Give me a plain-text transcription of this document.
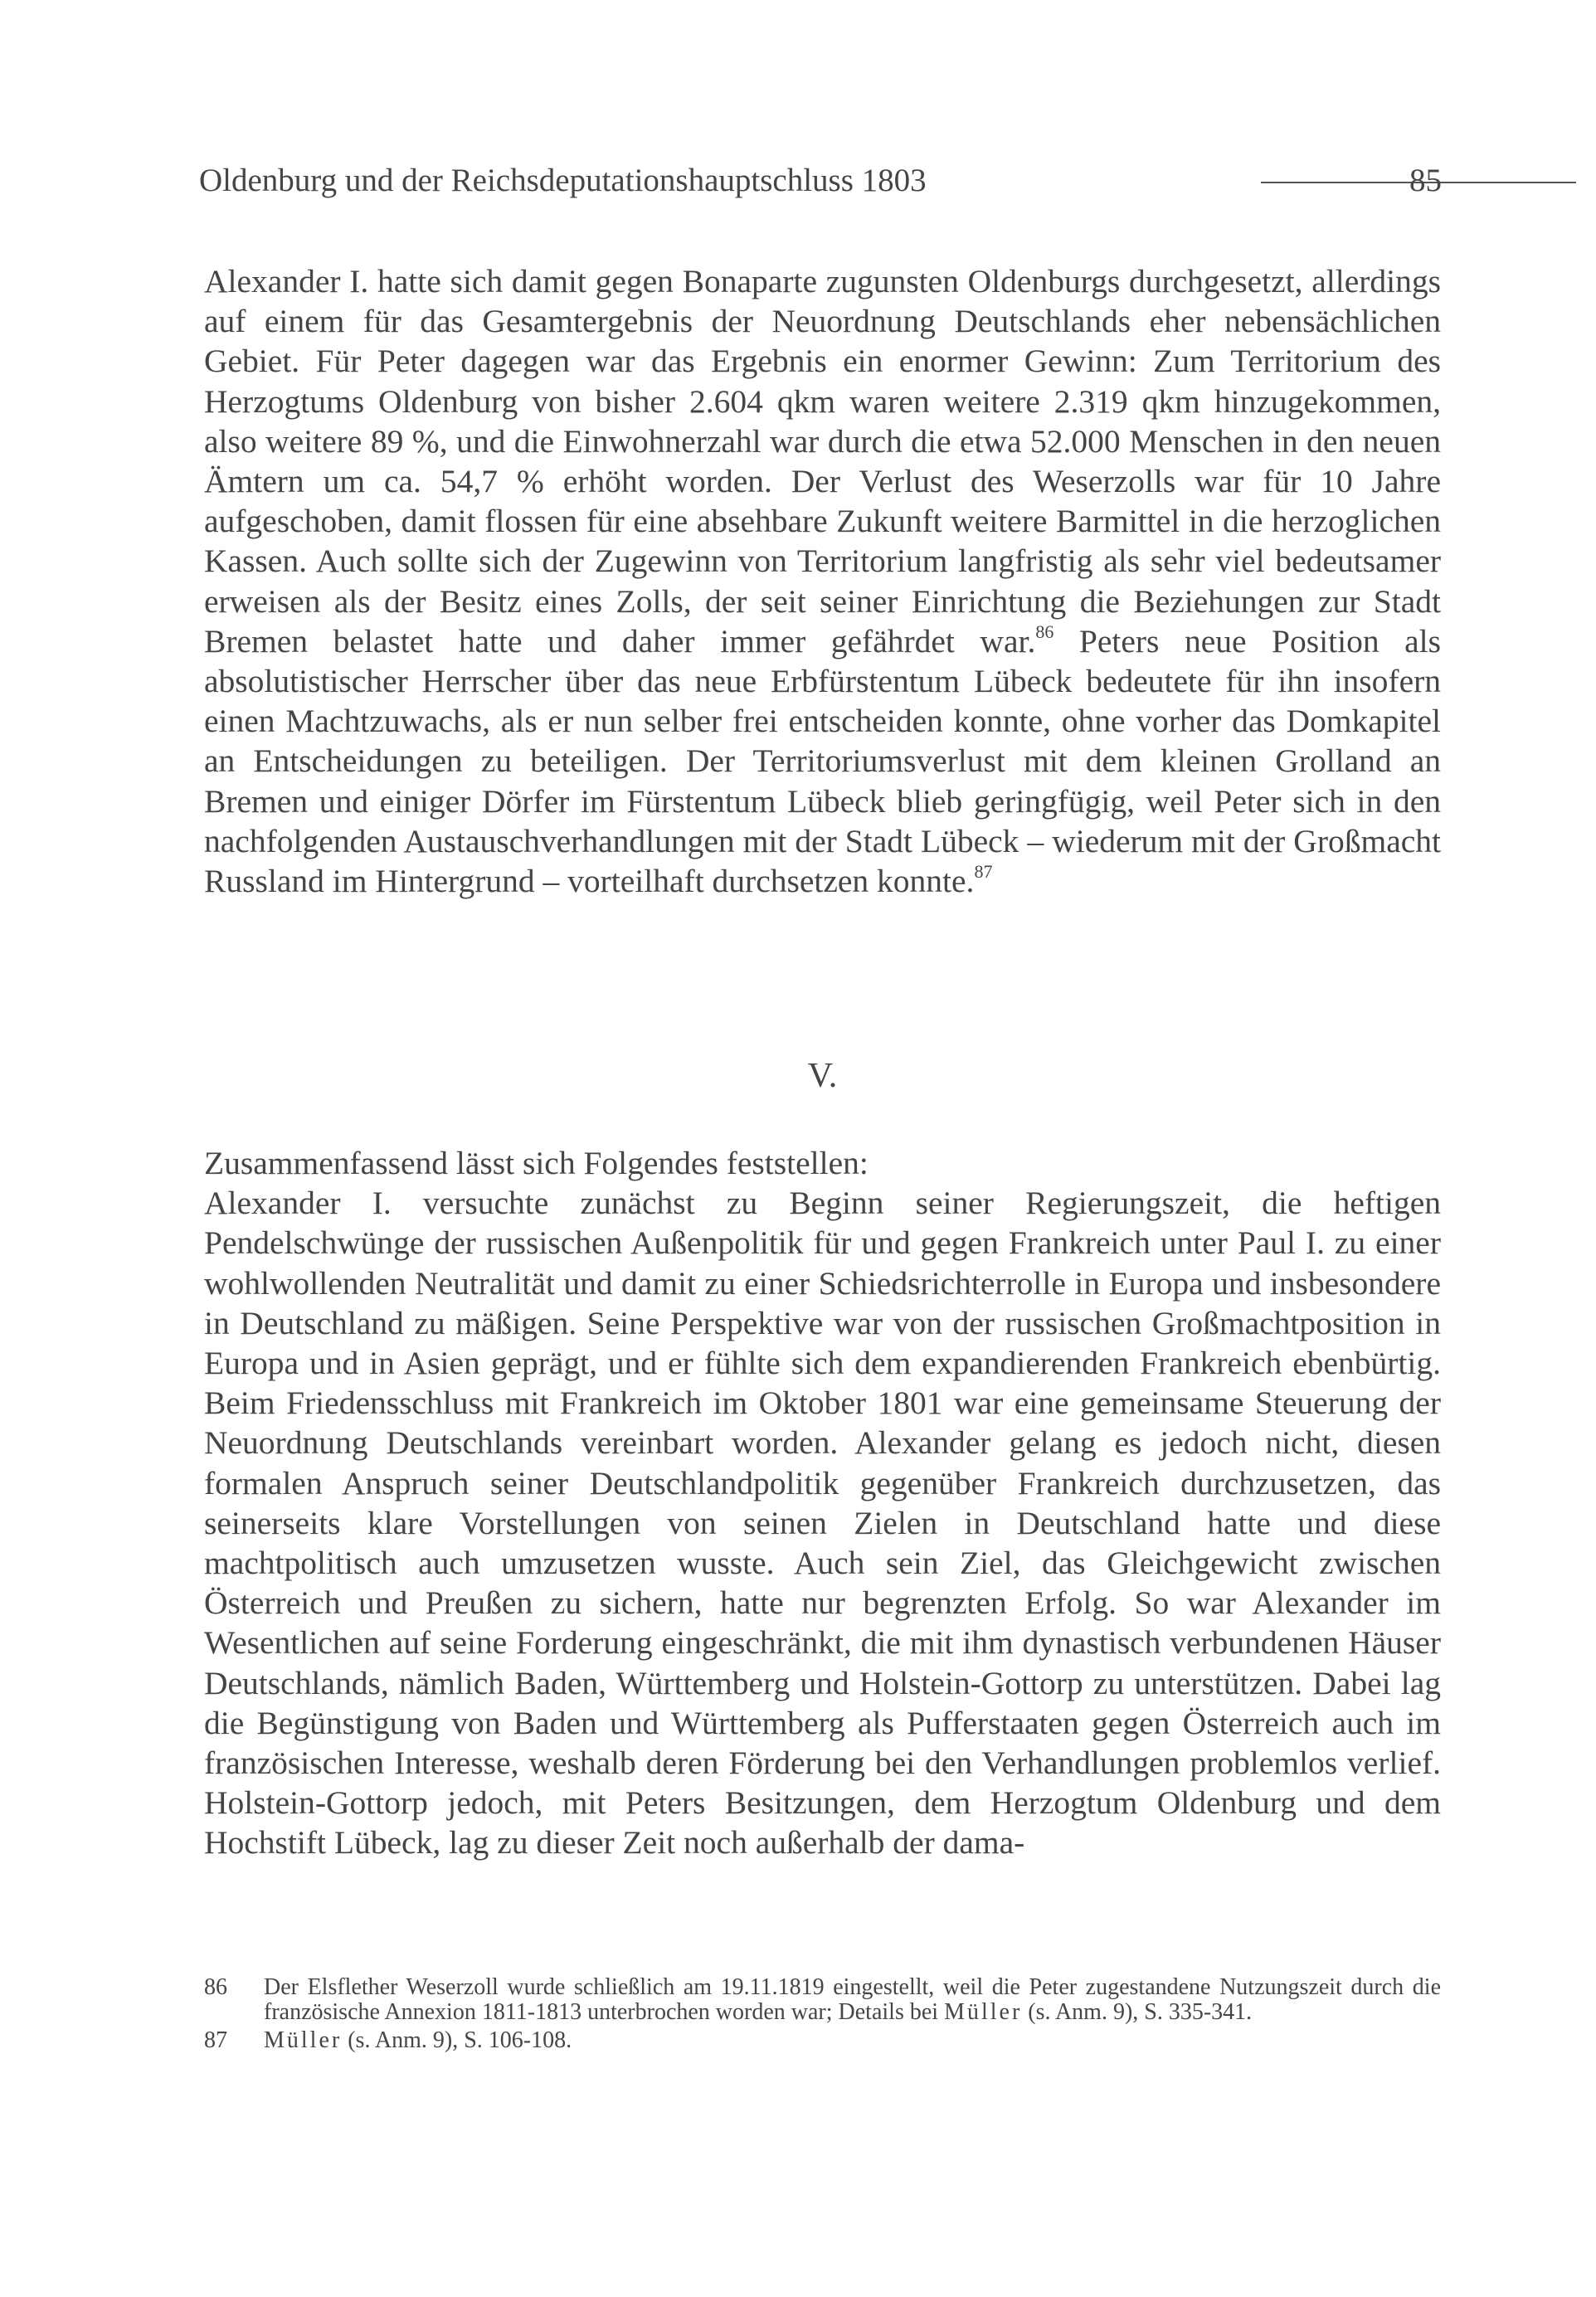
Oldenburg und der Reichsdeputationshauptschluss 1803	85

Alexander I. hatte sich damit gegen Bonaparte zugunsten Oldenburgs durchgesetzt, allerdings auf einem für das Gesamtergebnis der Neuordnung Deutschlands eher nebensächlichen Gebiet. Für Peter dagegen war das Ergebnis ein enormer Gewinn: Zum Territorium des Herzogtums Oldenburg von bisher 2.604 qkm waren weitere 2.319 qkm hinzugekommen, also weitere 89 %, und die Einwohnerzahl war durch die etwa 52.000 Menschen in den neuen Ämtern um ca. 54,7 % erhöht worden. Der Verlust des Weserzolls war für 10 Jahre aufgeschoben, damit flossen für eine absehbare Zukunft weitere Barmittel in die herzoglichen Kassen. Auch sollte sich der Zugewinn von Territorium langfristig als sehr viel bedeutsamer erweisen als der Besitz eines Zolls, der seit seiner Einrichtung die Beziehungen zur Stadt Bremen belastet hatte und daher immer gefährdet war.$^{86}$ Peters neue Position als absolutistischer Herrscher über das neue Erbfürstentum Lübeck bedeutete für ihn insofern einen Machtzuwachs, als er nun selber frei entscheiden konnte, ohne vorher das Domkapitel an Entscheidungen zu beteiligen. Der Territoriumsverlust mit dem kleinen Grolland an Bremen und einiger Dörfer im Fürstentum Lübeck blieb geringfügig, weil Peter sich in den nachfolgenden Austauschverhandlungen mit der Stadt Lübeck – wiederum mit der Großmacht Russland im Hintergrund – vorteilhaft durchsetzen konnte.$^{87}$

V.

Zusammenfassend lässt sich Folgendes feststellen:

Alexander I. versuchte zunächst zu Beginn seiner Regierungszeit, die heftigen Pendelschwünge der russischen Außenpolitik für und gegen Frankreich unter Paul I. zu einer wohlwollenden Neutralität und damit zu einer Schiedsrichterrolle in Europa und insbesondere in Deutschland zu mäßigen. Seine Perspektive war von der russischen Großmachtposition in Europa und in Asien geprägt, und er fühlte sich dem expandierenden Frankreich ebenbürtig. Beim Friedensschluss mit Frankreich im Oktober 1801 war eine gemeinsame Steuerung der Neuordnung Deutschlands vereinbart worden. Alexander gelang es jedoch nicht, diesen formalen Anspruch seiner Deutschlandpolitik gegenüber Frankreich durchzusetzen, das seinerseits klare Vorstellungen von seinen Zielen in Deutschland hatte und diese machtpolitisch auch umzusetzen wusste. Auch sein Ziel, das Gleichgewicht zwischen Österreich und Preußen zu sichern, hatte nur begrenzten Erfolg. So war Alexander im Wesentlichen auf seine Forderung eingeschränkt, die mit ihm dynastisch verbundenen Häuser Deutschlands, nämlich Baden, Württemberg und Holstein-Gottorp zu unterstützen. Dabei lag die Begünstigung von Baden und Württemberg als Pufferstaaten gegen Österreich auch im französischen Interesse, weshalb deren Förderung bei den Verhandlungen problemlos verlief. Holstein-Gottorp jedoch, mit Peters Besitzungen, dem Herzogtum Oldenburg und dem Hochstift Lübeck, lag zu dieser Zeit noch außerhalb der dama-

86 Der Elsflether Weserzoll wurde schließlich am 19.11.1819 eingestellt, weil die Peter zugestandene Nutzungszeit durch die französische Annexion 1811-1813 unterbrochen worden war; Details bei Müller (s. Anm. 9), S. 335-341.
87 Müller (s. Anm. 9), S. 106-108.
